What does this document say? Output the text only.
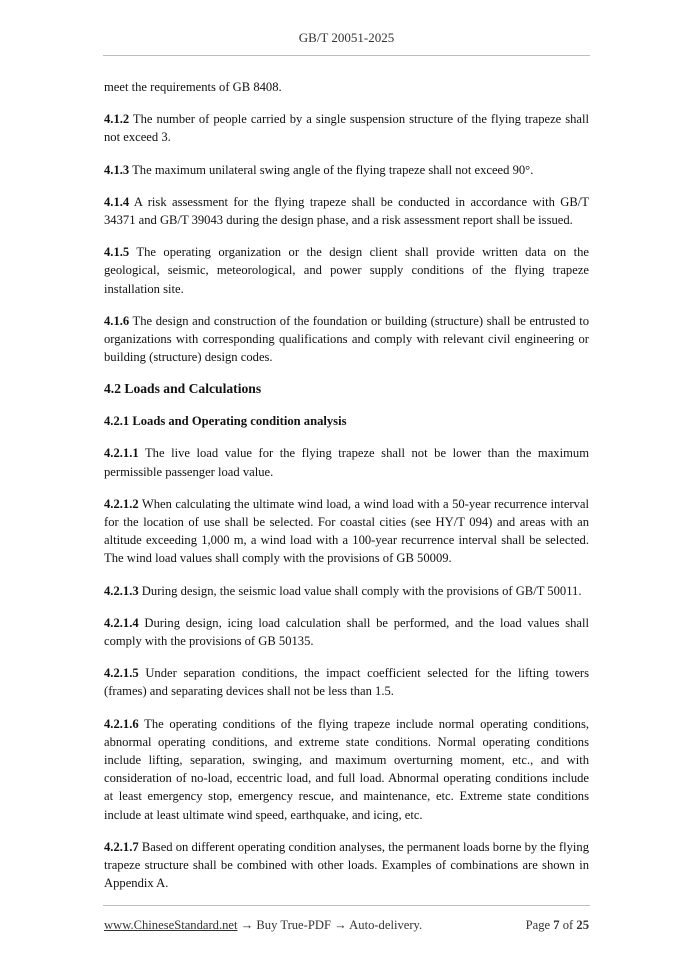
GB/T 20051-2025

meet the requirements of GB 8408.

4.1.2 The number of people carried by a single suspension structure of the flying trapeze shall not exceed 3.

4.1.3 The maximum unilateral swing angle of the flying trapeze shall not exceed 90°.

4.1.4 A risk assessment for the flying trapeze shall be conducted in accordance with GB/T 34371 and GB/T 39043 during the design phase, and a risk assessment report shall be issued.

4.1.5 The operating organization or the design client shall provide written data on the geological, seismic, meteorological, and power supply conditions of the flying trapeze installation site.

4.1.6 The design and construction of the foundation or building (structure) shall be entrusted to organizations with corresponding qualifications and comply with relevant civil engineering or building (structure) design codes.

4.2 Loads and Calculations
4.2.1 Loads and Operating condition analysis

4.2.1.1 The live load value for the flying trapeze shall not be lower than the maximum permissible passenger load value.

4.2.1.2 When calculating the ultimate wind load, a wind load with a 50-year recurrence interval for the location of use shall be selected. For coastal cities (see HY/T 094) and areas with an altitude exceeding 1,000 m, a wind load with a 100-year recurrence interval shall be selected. The wind load values shall comply with the provisions of GB 50009.

4.2.1.3 During design, the seismic load value shall comply with the provisions of GB/T 50011.

4.2.1.4 During design, icing load calculation shall be performed, and the load values shall comply with the provisions of GB 50135.

4.2.1.5 Under separation conditions, the impact coefficient selected for the lifting towers (frames) and separating devices shall not be less than 1.5.

4.2.1.6 The operating conditions of the flying trapeze include normal operating conditions, abnormal operating conditions, and extreme state conditions. Normal operating conditions include lifting, separation, swinging, and maximum overturning moment, etc., and with consideration of no-load, eccentric load, and full load. Abnormal operating conditions include at least emergency stop, emergency rescue, and maintenance, etc. Extreme state conditions include at least ultimate wind speed, earthquake, and icing, etc.

4.2.1.7 Based on different operating condition analyses, the permanent loads borne by the flying trapeze structure shall be combined with other loads. Examples of combinations are shown in Appendix A.

www.ChineseStandard.net → Buy True-PDF → Auto-delivery.	Page 7 of 25
